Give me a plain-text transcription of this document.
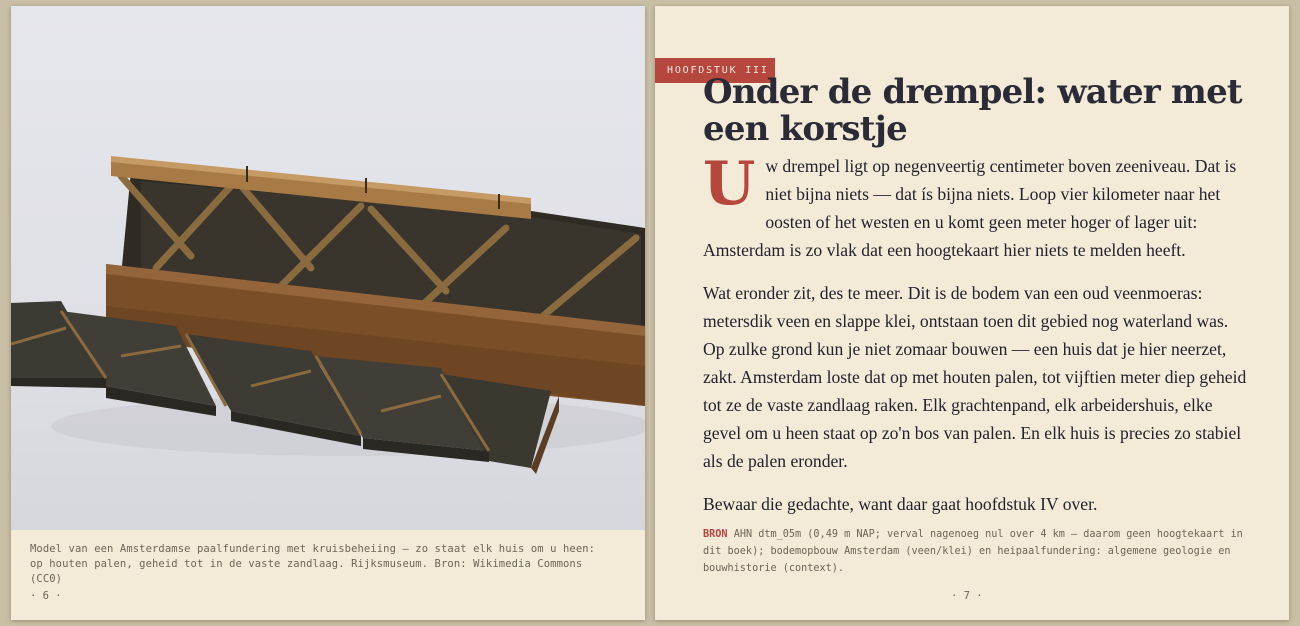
Model van een Amsterdamse paalfundering met kruisbeheiing — zo staat elk huis om u heen: op houten palen, geheid tot in de vaste zandlaag. Rijksmuseum. Bron: Wikimedia Commons (CC0)
· 6 ·
HOOFDSTUK III
Onder de drempel: water met een korstje

Uw drempel ligt op negenveertig centimeter boven zeeniveau. Dat is niet bijna niets — dat ís bijna niets. Loop vier kilometer naar het oosten of het westen en u komt geen meter hoger of lager uit: Amsterdam is zo vlak dat een hoogtekaart hier niets te melden heeft.

Wat eronder zit, des te meer. Dit is de bodem van een oud veenmoeras: metersdik veen en slappe klei, ontstaan toen dit gebied nog waterland was. Op zulke grond kun je niet zomaar bouwen — een huis dat je hier neerzet, zakt. Amsterdam loste dat op met houten palen, tot vijftien meter diep geheid tot ze de vaste zandlaag raken. Elk grachtenpand, elk arbeidershuis, elke gevel om u heen staat op zo'n bos van palen. En elk huis is precies zo stabiel als de palen eronder.

Bewaar die gedachte, want daar gaat hoofdstuk IV over.

BRON AHN dtm_05m (0,49 m NAP; verval nagenoeg nul over 4 km — daarom geen hoogtekaart in dit boek); bodemopbouw Amsterdam (veen/klei) en heipaalfundering: algemene geologie en bouwhistorie (context).
· 7 ·
